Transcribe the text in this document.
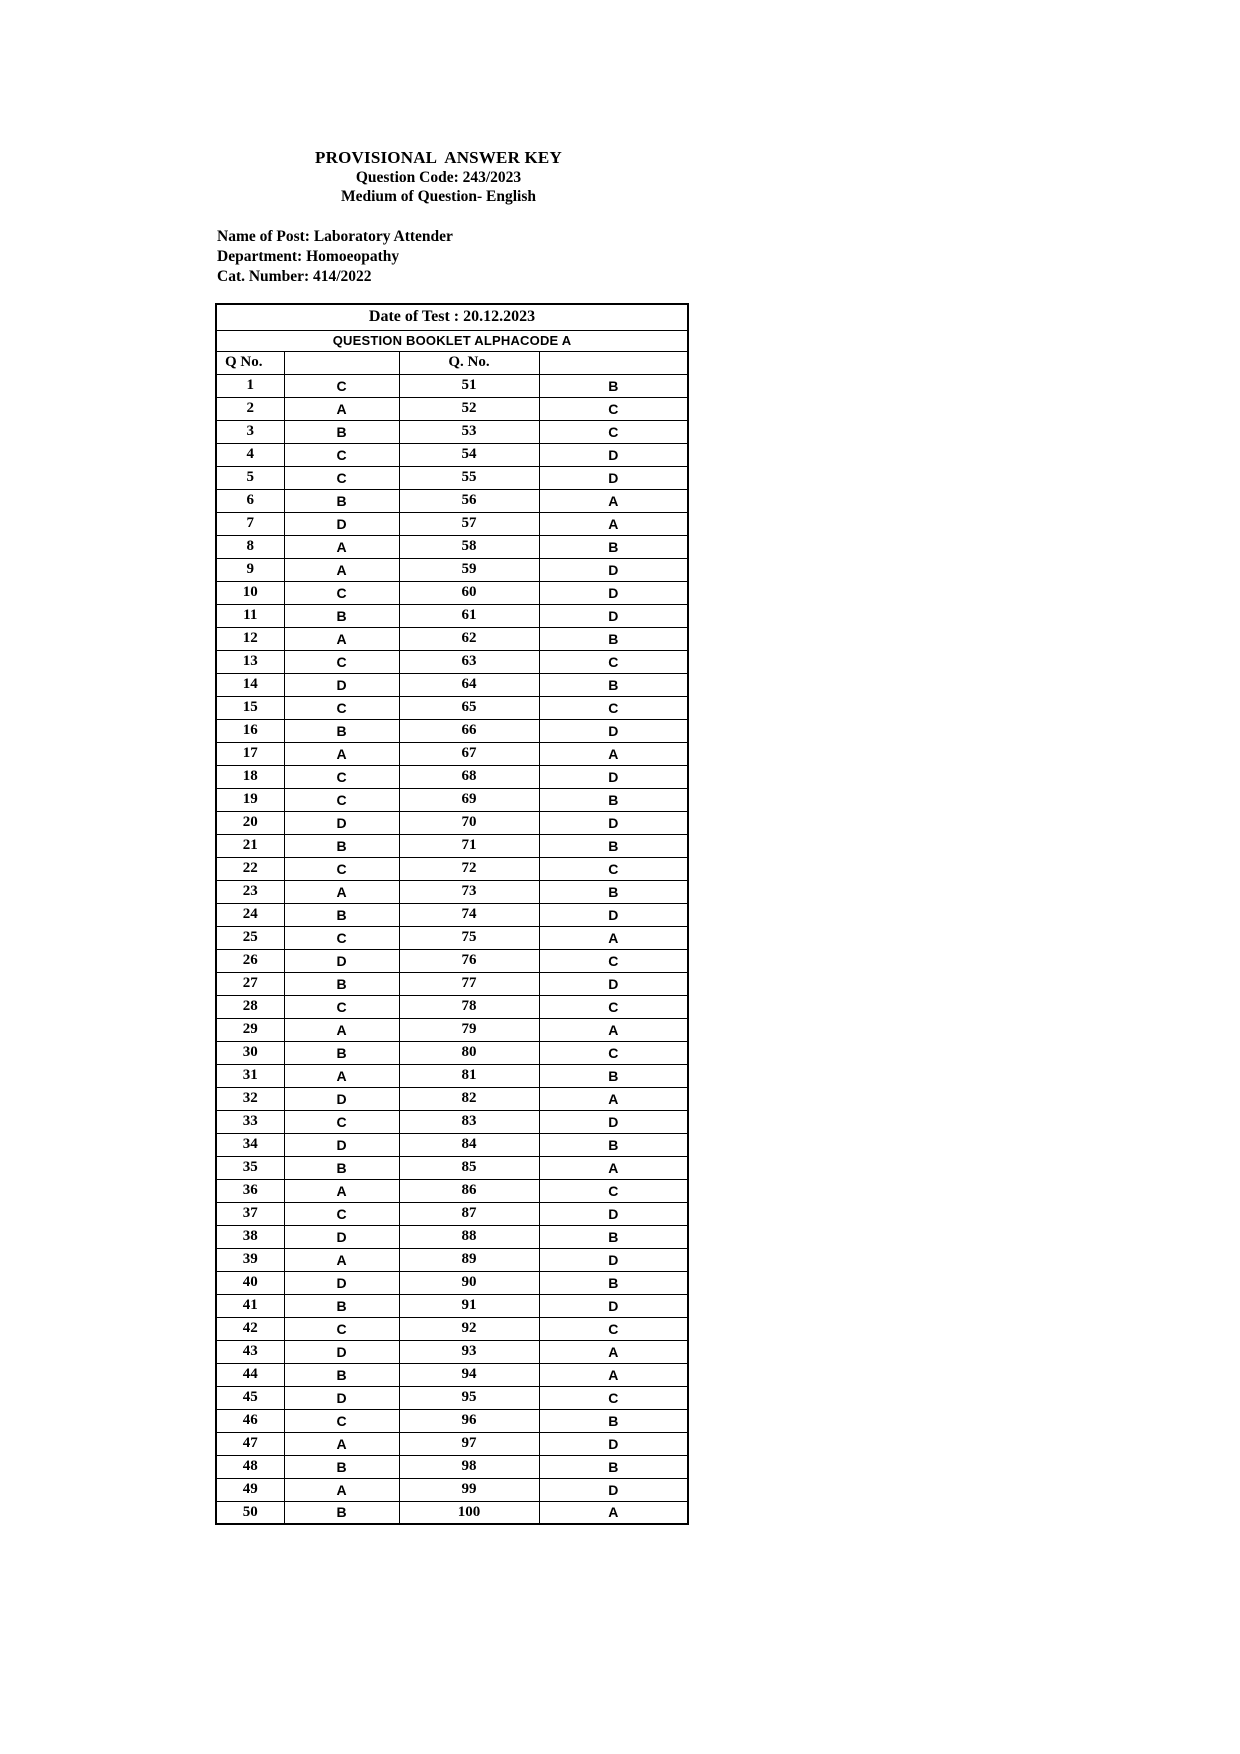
PROVISIONAL  ANSWER KEY
Question Code: 243/2023
Medium of Question- English
Name of Post: Laboratory Attender
Department: Homoeopathy
Cat. Number: 414/2022
Date of Test : 20.12.2023			
QUESTION BOOKLET ALPHACODE A			
Q No.		Q. No.	
1	C	51	B
2	A	52	C
3	B	53	C
4	C	54	D
5	C	55	D
6	B	56	A
7	D	57	A
8	A	58	B
9	A	59	D
10	C	60	D
11	B	61	D
12	A	62	B
13	C	63	C
14	D	64	B
15	C	65	C
16	B	66	D
17	A	67	A
18	C	68	D
19	C	69	B
20	D	70	D
21	B	71	B
22	C	72	C
23	A	73	B
24	B	74	D
25	C	75	A
26	D	76	C
27	B	77	D
28	C	78	C
29	A	79	A
30	B	80	C
31	A	81	B
32	D	82	A
33	C	83	D
34	D	84	B
35	B	85	A
36	A	86	C
37	C	87	D
38	D	88	B
39	A	89	D
40	D	90	B
41	B	91	D
42	C	92	C
43	D	93	A
44	B	94	A
45	D	95	C
46	C	96	B
47	A	97	D
48	B	98	B
49	A	99	D
50	B	100	A
